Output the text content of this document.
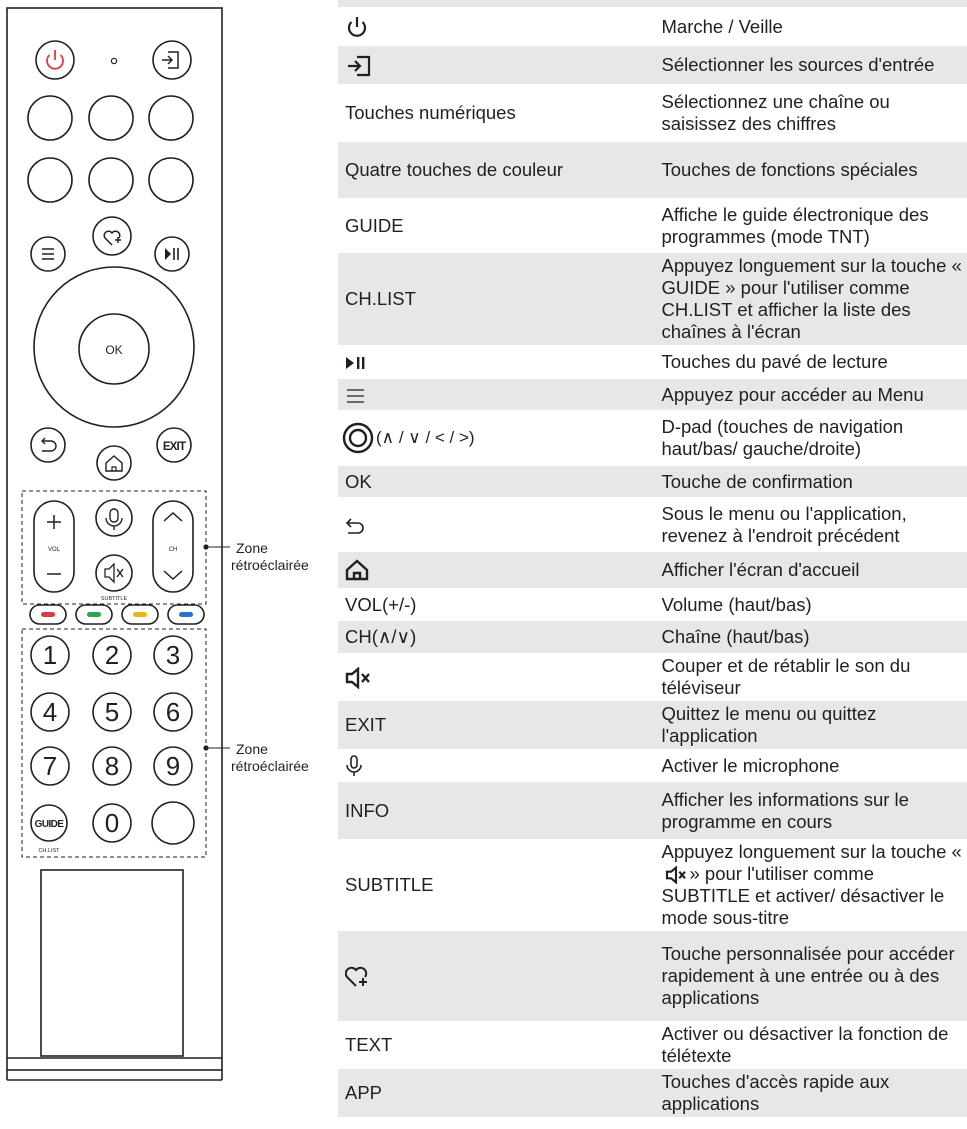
OK
EXIT
VOL	CH
SUBTITLE
GUIDE
CH.LIST
1 2 3
4 5 6
7 8 9
0
Zone
rétroéclairée
Zone
rétroéclairée

	Marche / Veille
	Sélectionner les sources d'entrée
Touches numériques	Sélectionnez une chaîne ou saisissez des chiffres
Quatre touches de couleur	Touches de fonctions spéciales
GUIDE	Affiche le guide électronique des programmes (mode TNT)
CH.LIST	Appuyez longuement sur la touche « GUIDE » pour l'utiliser comme CH.LIST et afficher la liste des chaînes à l'écran
	Touches du pavé de lecture
	Appuyez pour accéder au Menu
(∧ / ∨ / < / >)	D-pad (touches de navigation haut/bas/ gauche/droite)
OK	Touche de confirmation
	Sous le menu ou l'application, revenez à l'endroit précédent
	Afficher l'écran d'accueil
VOL(+/-)	Volume (haut/bas)
CH(∧/∨)	Chaîne (haut/bas)
	Couper et de rétablir le son du téléviseur
EXIT	Quittez le menu ou quittez l'application
	Activer le microphone
INFO	Afficher les informations sur le programme en cours
SUBTITLE	Appuyez longuement sur la touche « » pour l'utiliser comme SUBTITLE et activer/ désactiver le mode sous-titre
	Touche personnalisée pour accéder rapidement à une entrée ou à des applications
TEXT	Activer ou désactiver la fonction de télétexte
APP	Touches d'accès rapide aux applications
